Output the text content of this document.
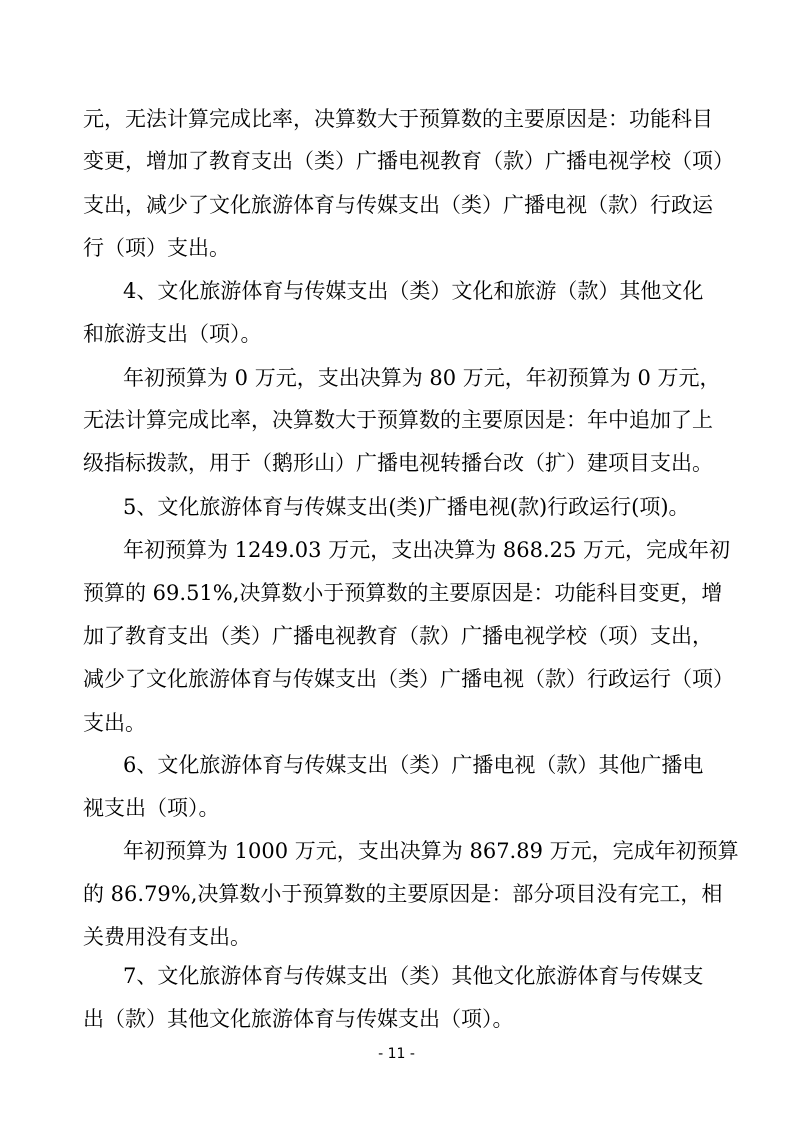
元，无法计算完成比率，决算数大于预算数的主要原因是：功能科目
变更，增加了教育支出（类）广播电视教育（款）广播电视学校（项）
支出，减少了文化旅游体育与传媒支出（类）广播电视（款）行政运
行（项）支出。
4、文化旅游体育与传媒支出（类）文化和旅游（款）其他文化
和旅游支出（项）。
年初预算为 0 万元，支出决算为 80 万元，年初预算为 0 万元，
无法计算完成比率，决算数大于预算数的主要原因是：年中追加了上
级指标拨款，用于（鹅形山）广播电视转播台改（扩）建项目支出。
5、文化旅游体育与传媒支出(类)广播电视(款)行政运行(项)。
年初预算为 1249.03 万元，支出决算为 868.25 万元，完成年初
预算的 69.51%,决算数小于预算数的主要原因是：功能科目变更，增
加了教育支出（类）广播电视教育（款）广播电视学校（项）支出，
减少了文化旅游体育与传媒支出（类）广播电视（款）行政运行（项）
支出。
6、文化旅游体育与传媒支出（类）广播电视（款）其他广播电
视支出（项）。
年初预算为 1000 万元，支出决算为 867.89 万元，完成年初预算
的 86.79%,决算数小于预算数的主要原因是：部分项目没有完工，相
关费用没有支出。
7、文化旅游体育与传媒支出（类）其他文化旅游体育与传媒支
- 11 -
出（款）其他文化旅游体育与传媒支出（项）。
